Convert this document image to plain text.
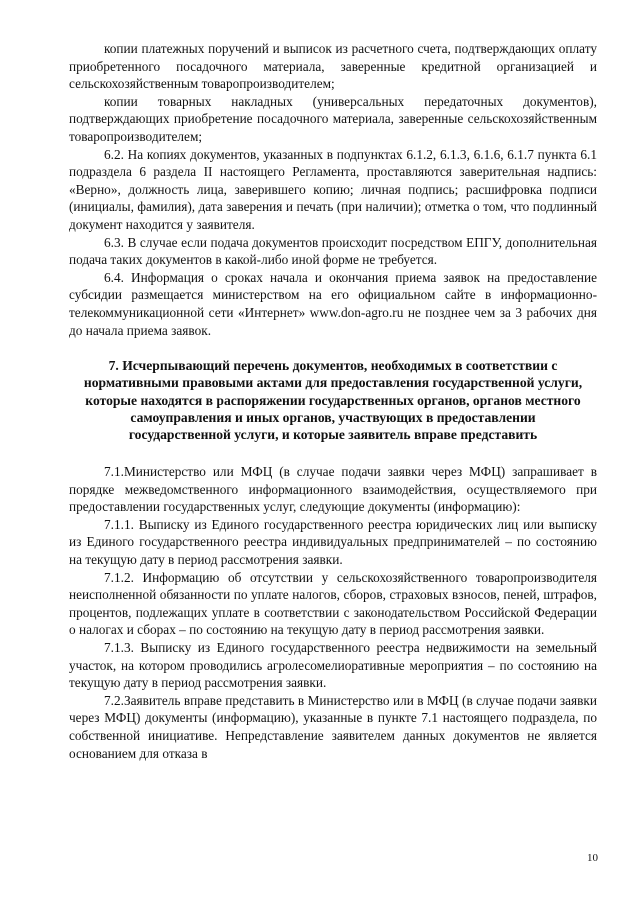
копии платежных поручений и выписок из расчетного счета, подтверждающих оплату приобретенного посадочного материала, заверенные кредитной организацией и сельскохозяйственным товаропроизводителем;

копии товарных накладных (универсальных передаточных документов), подтверждающих приобретение посадочного материала, заверенные сельскохозяйственным товаропроизводителем;

6.2. На копиях документов, указанных в подпунктах 6.1.2, 6.1.3, 6.1.6, 6.1.7 пункта 6.1 подраздела 6 раздела II настоящего Регламента, проставляются заверительная надпись: «Верно», должность лица, заверившего копию; личная подпись; расшифровка подписи (инициалы, фамилия), дата заверения и печать (при наличии); отметка о том, что подлинный документ находится у заявителя.

6.3. В случае если подача документов происходит посредством ЕПГУ, дополнительная подача таких документов в какой-либо иной форме не требуется.

6.4. Информация о сроках начала и окончания приема заявок на предоставление субсидии размещается министерством на его официальном сайте в информационно-телекоммуникационной сети «Интернет» www.don-agro.ru не позднее чем за 3 рабочих дня до начала приема заявок.

7. Исчерпывающий перечень документов, необходимых в соответствии с нормативными правовыми актами для предоставления государственной услуги, которые находятся в распоряжении государственных органов, органов местного самоуправления и иных органов, участвующих в предоставлении государственной услуги, и которые заявитель вправе представить

7.1.Министерство или МФЦ (в случае подачи заявки через МФЦ) запрашивает в порядке межведомственного информационного взаимодействия, осуществляемого при предоставлении государственных услуг, следующие документы (информацию):

7.1.1. Выписку из Единого государственного реестра юридических лиц или выписку из Единого государственного реестра индивидуальных предпринимателей – по состоянию на текущую дату в период рассмотрения заявки.

7.1.2. Информацию об отсутствии у сельскохозяйственного товаропроизводителя неисполненной обязанности по уплате налогов, сборов, страховых взносов, пеней, штрафов, процентов, подлежащих уплате в соответствии с законодательством Российской Федерации о налогах и сборах – по состоянию на текущую дату в период рассмотрения заявки.

7.1.3. Выписку из Единого государственного реестра недвижимости на земельный участок, на котором проводились агролесомелиоративные мероприятия – по состоянию на текущую дату в период рассмотрения заявки.

7.2.Заявитель вправе представить в Министерство или в МФЦ (в случае подачи заявки через МФЦ) документы (информацию), указанные в пункте 7.1 настоящего подраздела, по собственной инициативе. Непредставление заявителем данных документов не является основанием для отказа в

10
